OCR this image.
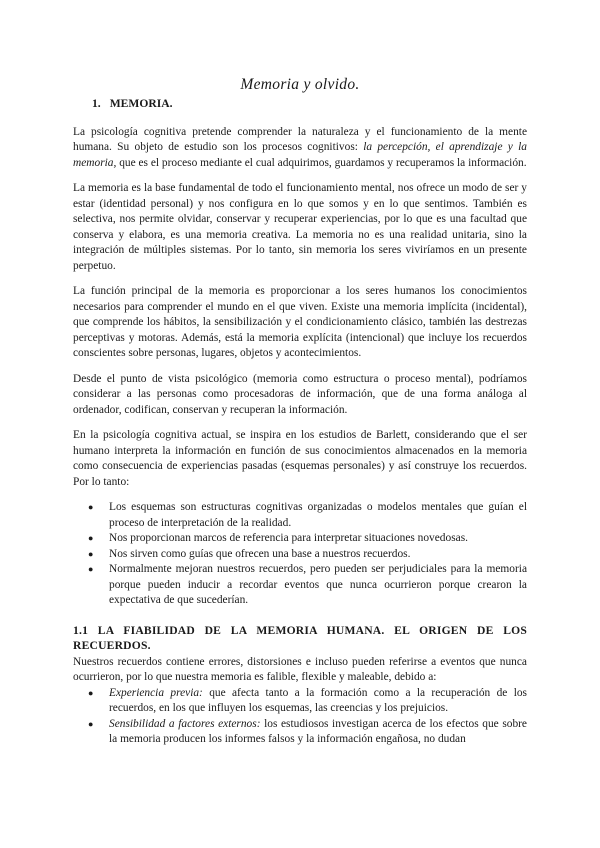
Memoria y olvido.
1. MEMORIA.

La psicología cognitiva pretende comprender la naturaleza y el funcionamiento de la mente humana. Su objeto de estudio son los procesos cognitivos: la percepción, el aprendizaje y la memoria, que es el proceso mediante el cual adquirimos, guardamos y recuperamos la información.

La memoria es la base fundamental de todo el funcionamiento mental, nos ofrece un modo de ser y estar (identidad personal) y nos configura en lo que somos y en lo que sentimos. También es selectiva, nos permite olvidar, conservar y recuperar experiencias, por lo que es una facultad que conserva y elabora, es una memoria creativa. La memoria no es una realidad unitaria, sino la integración de múltiples sistemas. Por lo tanto, sin memoria los seres viviríamos en un presente perpetuo.

La función principal de la memoria es proporcionar a los seres humanos los conocimientos necesarios para comprender el mundo en el que viven. Existe una memoria implícita (incidental), que comprende los hábitos, la sensibilización y el condicionamiento clásico, también las destrezas perceptivas y motoras. Además, está la memoria explícita (intencional) que incluye los recuerdos conscientes sobre personas, lugares, objetos y acontecimientos.

Desde el punto de vista psicológico (memoria como estructura o proceso mental), podríamos considerar a las personas como procesadoras de información, que de una forma análoga al ordenador, codifican, conservan y recuperan la información.

En la psicología cognitiva actual, se inspira en los estudios de Barlett, considerando que el ser humano interpreta la información en función de sus conocimientos almacenados en la memoria como consecuencia de experiencias pasadas (esquemas personales) y así construye los recuerdos. Por lo tanto:

● Los esquemas son estructuras cognitivas organizadas o modelos mentales que guían el proceso de interpretación de la realidad.
● Nos proporcionan marcos de referencia para interpretar situaciones novedosas.
● Nos sirven como guías que ofrecen una base a nuestros recuerdos.
● Normalmente mejoran nuestros recuerdos, pero pueden ser perjudiciales para la memoria porque pueden inducir a recordar eventos que nunca ocurrieron porque crearon la expectativa de que sucederían.
1.1 LA FIABILIDAD DE LA MEMORIA HUMANA. EL ORIGEN DE LOS RECUERDOS.

Nuestros recuerdos contiene errores, distorsiones e incluso pueden referirse a eventos que nunca ocurrieron, por lo que nuestra memoria es falible, flexible y maleable, debido a:

● Experiencia previa: que afecta tanto a la formación como a la recuperación de los recuerdos, en los que influyen los esquemas, las creencias y los prejuicios.
● Sensibilidad a factores externos: los estudiosos investigan acerca de los efectos que sobre la memoria producen los informes falsos y la información engañosa, no dudan
